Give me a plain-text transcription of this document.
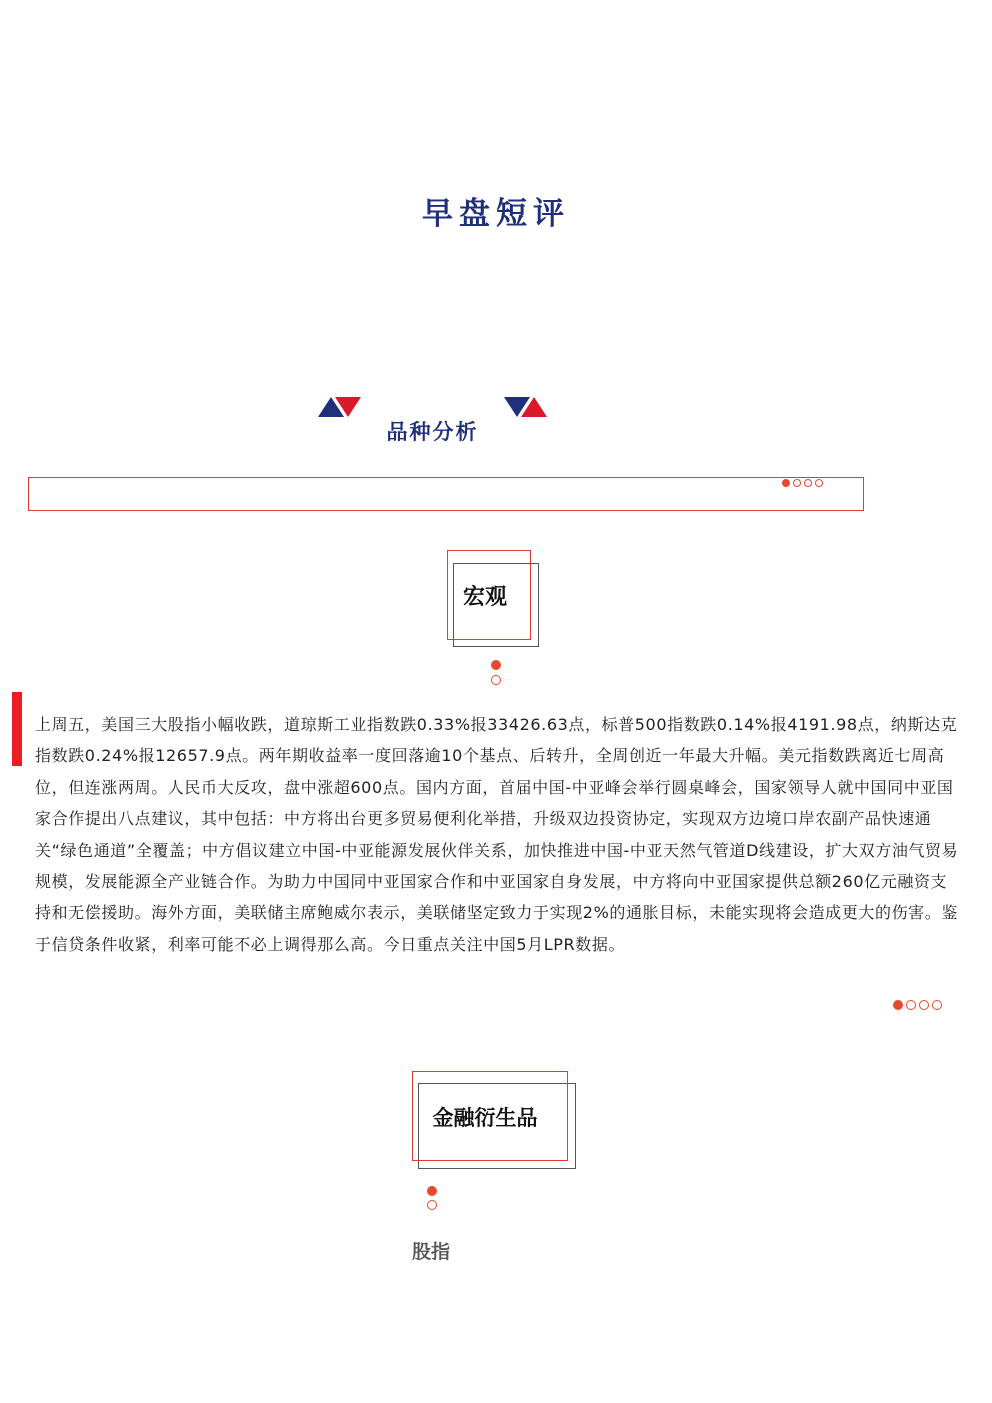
早盘短评
品种分析
宏观
上周五，美国三大股指小幅收跌，道琼斯工业指数跌0.33%报33426.63点，标普500指数跌0.14%报4191.98点，纳斯达克指数跌0.24%报12657.9点。两年期收益率一度回落逾10个基点、后转升，全周创近一年最大升幅。美元指数跌离近七周高位，但连涨两周。人民币大反攻，盘中涨超600点。国内方面，首届中国-中亚峰会举行圆桌峰会，国家领导人就中国同中亚国家合作提出八点建议，其中包括：中方将出台更多贸易便利化举措，升级双边投资协定，实现双方边境口岸农副产品快速通关“绿色通道”全覆盖；中方倡议建立中国-中亚能源发展伙伴关系，加快推进中国-中亚天然气管道D线建设，扩大双方油气贸易规模，发展能源全产业链合作。为助力中国同中亚国家合作和中亚国家自身发展，中方将向中亚国家提供总额260亿元融资支持和无偿援助。海外方面，美联储主席鲍威尔表示，美联储坚定致力于实现2%的通胀目标，未能实现将会造成更大的伤害。鉴于信贷条件收紧，利率可能不必上调得那么高。今日重点关注中国5月LPR数据。
金融衍生品
股指
